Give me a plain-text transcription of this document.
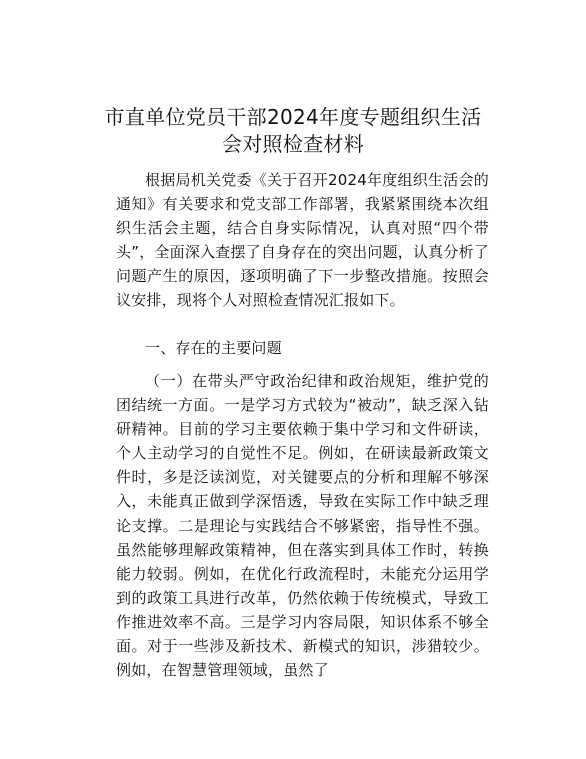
市直单位党员干部2024年度专题组织生活会对照检查材料

根据局机关党委《关于召开2024年度组织生活会的通知》有关要求和党支部工作部署，我紧紧围绕本次组织生活会主题，结合自身实际情况，认真对照“四个带头”，全面深入查摆了自身存在的突出问题，认真分析了问题产生的原因，逐项明确了下一步整改措施。按照会议安排，现将个人对照检查情况汇报如下。

一、存在的主要问题

（一）在带头严守政治纪律和政治规矩，维护党的团结统一方面。一是学习方式较为“被动”，缺乏深入钻研精神。目前的学习主要依赖于集中学习和文件研读，个人主动学习的自觉性不足。例如，在研读最新政策文件时，多是泛读浏览，对关键要点的分析和理解不够深入，未能真正做到学深悟透，导致在实际工作中缺乏理论支撑。二是理论与实践结合不够紧密，指导性不强。虽然能够理解政策精神，但在落实到具体工作时，转换能力较弱。例如，在优化行政流程时，未能充分运用学到的政策工具进行改革，仍然依赖于传统模式，导致工作推进效率不高。三是学习内容局限，知识体系不够全面。对于一些涉及新技术、新模式的知识，涉猎较少。例如，在智慧管理领域，虽然了
